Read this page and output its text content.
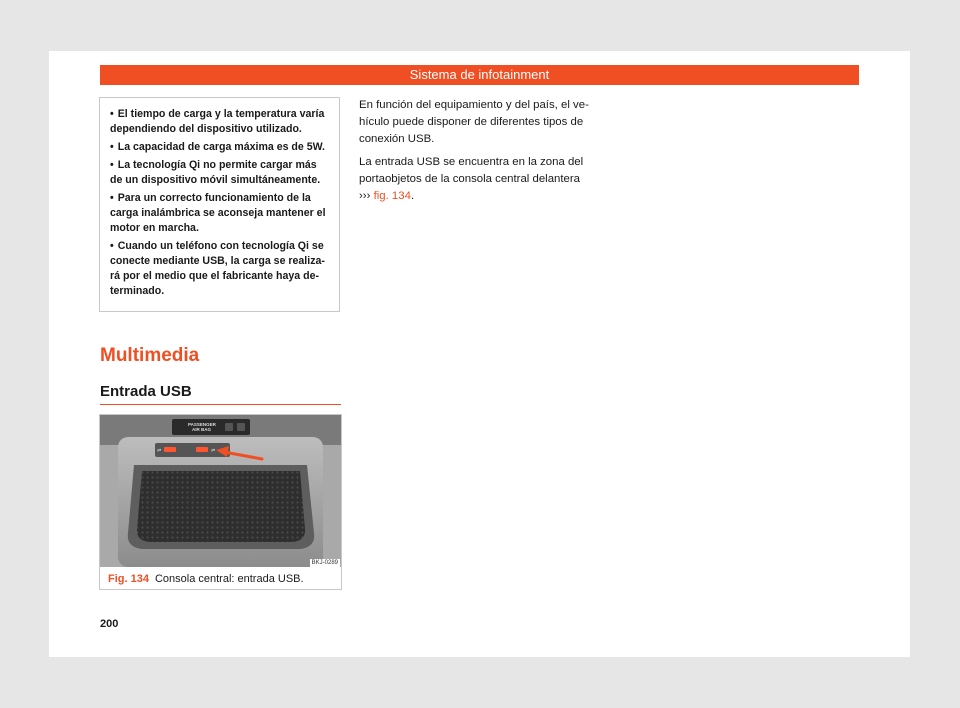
Sistema de infotainment
• El tiempo de carga y la temperatura varía dependiendo del dispositivo utilizado.
• La capacidad de carga máxima es de 5W.
• La tecnología Qi no permite cargar más de un dispositivo móvil simultáneamente.
• Para un correcto funcionamiento de la carga inalámbrica se aconseja mantener el motor en marcha.
• Cuando un teléfono con tecnología Qi se conecte mediante USB, la carga se realizará por el medio que el fabricante haya determinado.
Multimedia
Entrada USB
PASSENGER
AIR BAG
⇌	⇌
BKJ-0289
Fig. 134 Consola central: entrada USB.

En función del equipamiento y del país, el vehículo puede disponer de diferentes tipos de conexión USB.

La entrada USB se encuentra en la zona del portaobjetos de la consola central delantera
››› fig. 134.

200
